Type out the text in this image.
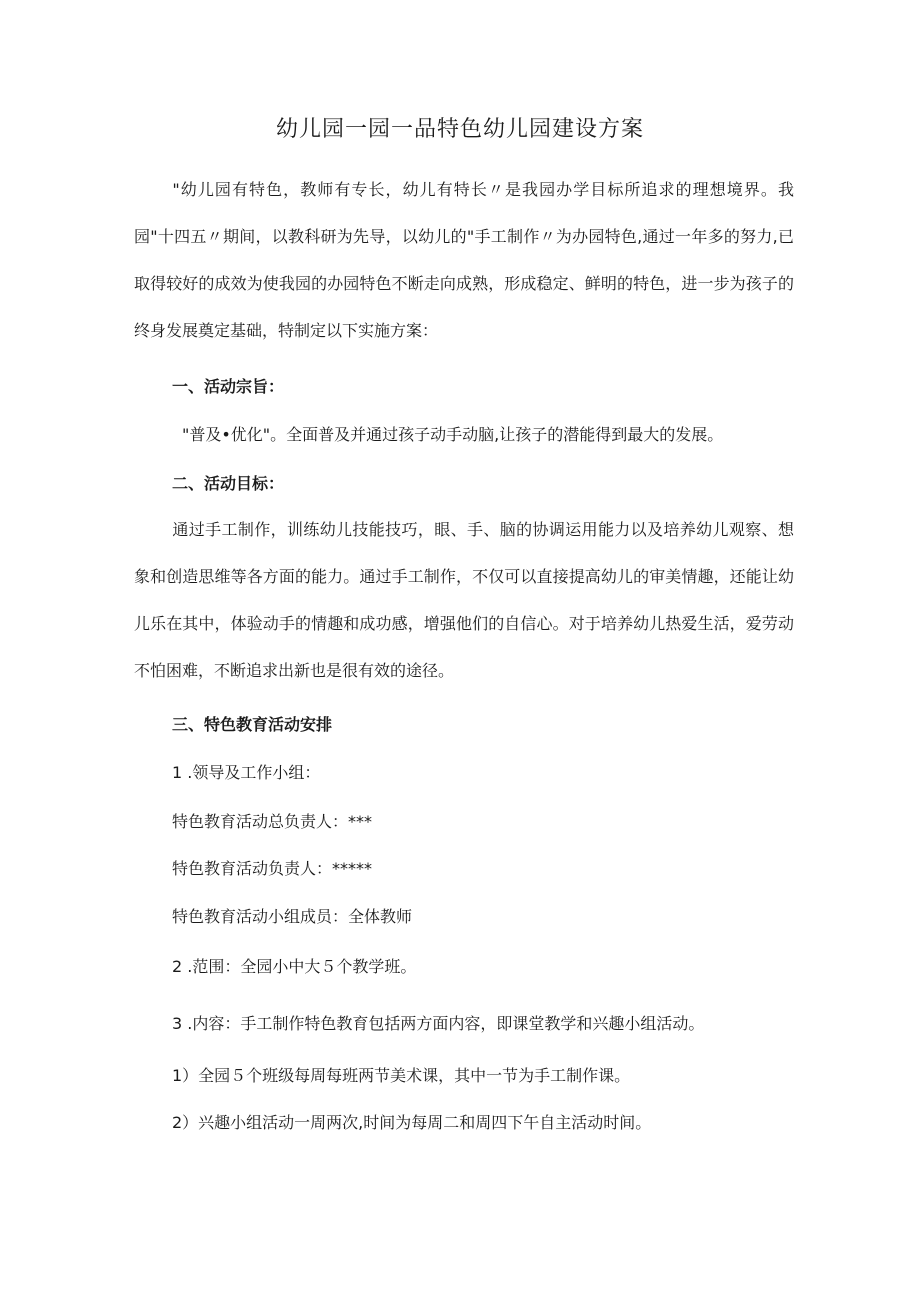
幼儿园一园一品特色幼儿园建设方案

"幼儿园有特色，教师有专长，幼儿有特长〃是我园办学目标所追求的理想境界。我园"十四五〃期间，以教科研为先导，以幼儿的"手工制作〃为办园特色,通过一年多的努力,已取得较好的成效为使我园的办园特色不断走向成熟，形成稳定、鲜明的特色，进一步为孩子的终身发展奠定基础，特制定以下实施方案：

一、活动宗旨：

"普及•优化"。全面普及并通过孩子动手动脑,让孩子的潜能得到最大的发展。

二、活动目标：

通过手工制作，训练幼儿技能技巧，眼、手、脑的协调运用能力以及培养幼儿观察、想象和创造思维等各方面的能力。通过手工制作，不仅可以直接提高幼儿的审美情趣，还能让幼儿乐在其中，体验动手的情趣和成功感，增强他们的自信心。对于培养幼儿热爱生活，爱劳动不怕困难，不断追求出新也是很有效的途径。

三、特色教育活动安排

1 .领导及工作小组：

特色教育活动总负责人：***

特色教育活动负责人：*****

特色教育活动小组成员：全体教师

2 .范围：全园小中大５个教学班。

3 .内容：手工制作特色教育包括两方面内容，即课堂教学和兴趣小组活动。

1）全园５个班级每周每班两节美术课，其中一节为手工制作课。

2）兴趣小组活动一周两次,时间为每周二和周四下午自主活动时间。
